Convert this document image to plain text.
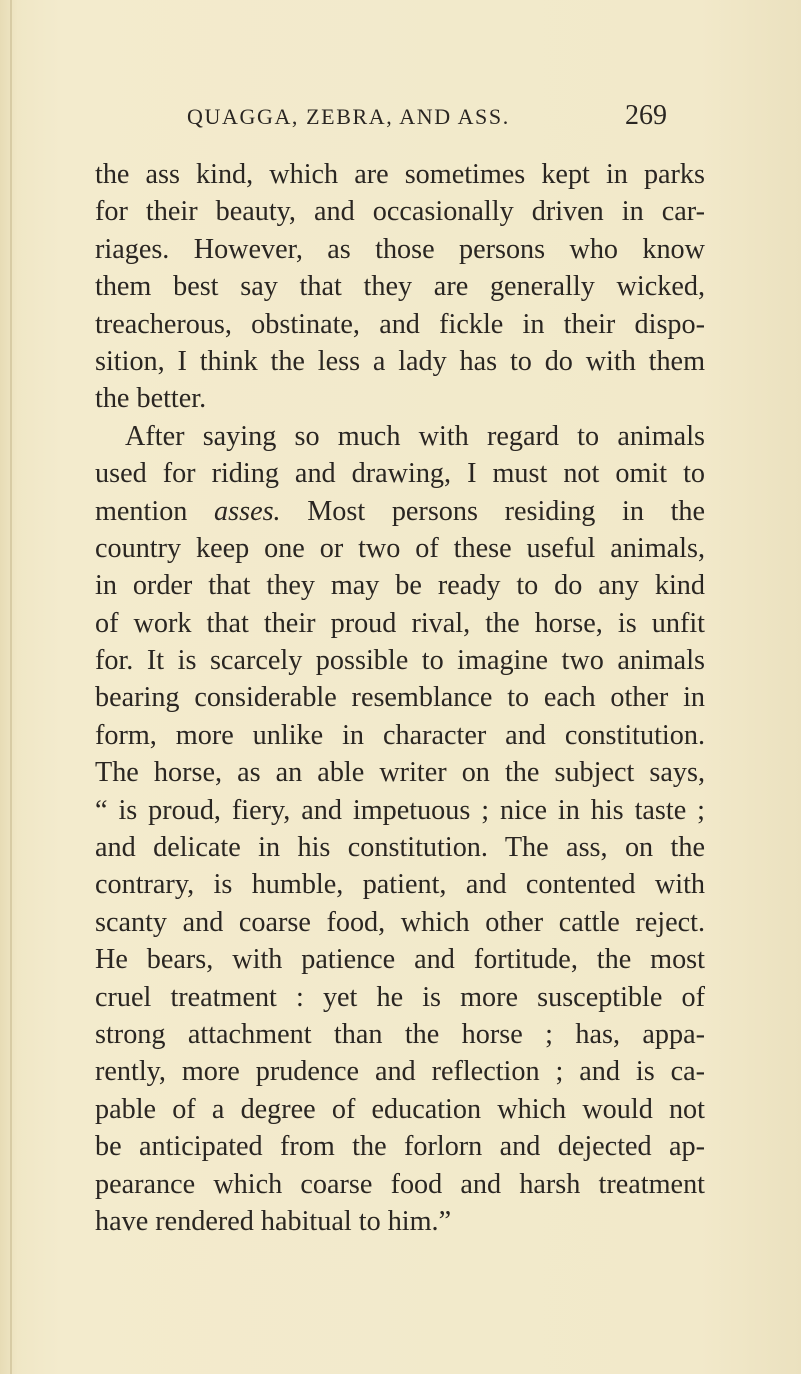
QUAGGA, ZEBRA, AND ASS.	269
the ass kind, which are sometimes kept in parks
for their beauty, and occasionally driven in car-
riages. However, as those persons who know
them best say that they are generally wicked,
treacherous, obstinate, and fickle in their dispo-
sition, I think the less a lady has to do with them
the better.
After saying so much with regard to animals
used for riding and drawing, I must not omit to
mention asses. Most persons residing in the
country keep one or two of these useful animals,
in order that they may be ready to do any kind
of work that their proud rival, the horse, is unfit
for. It is scarcely possible to imagine two animals
bearing considerable resemblance to each other in
form, more unlike in character and constitution.
The horse, as an able writer on the subject says,
“ is proud, fiery, and impetuous ; nice in his taste ;
and delicate in his constitution. The ass, on the
contrary, is humble, patient, and contented with
scanty and coarse food, which other cattle reject.
He bears, with patience and fortitude, the most
cruel treatment : yet he is more susceptible of
strong attachment than the horse ; has, appa-
rently, more prudence and reflection ; and is ca-
pable of a degree of education which would not
be anticipated from the forlorn and dejected ap-
pearance which coarse food and harsh treatment
have rendered habitual to him.”
